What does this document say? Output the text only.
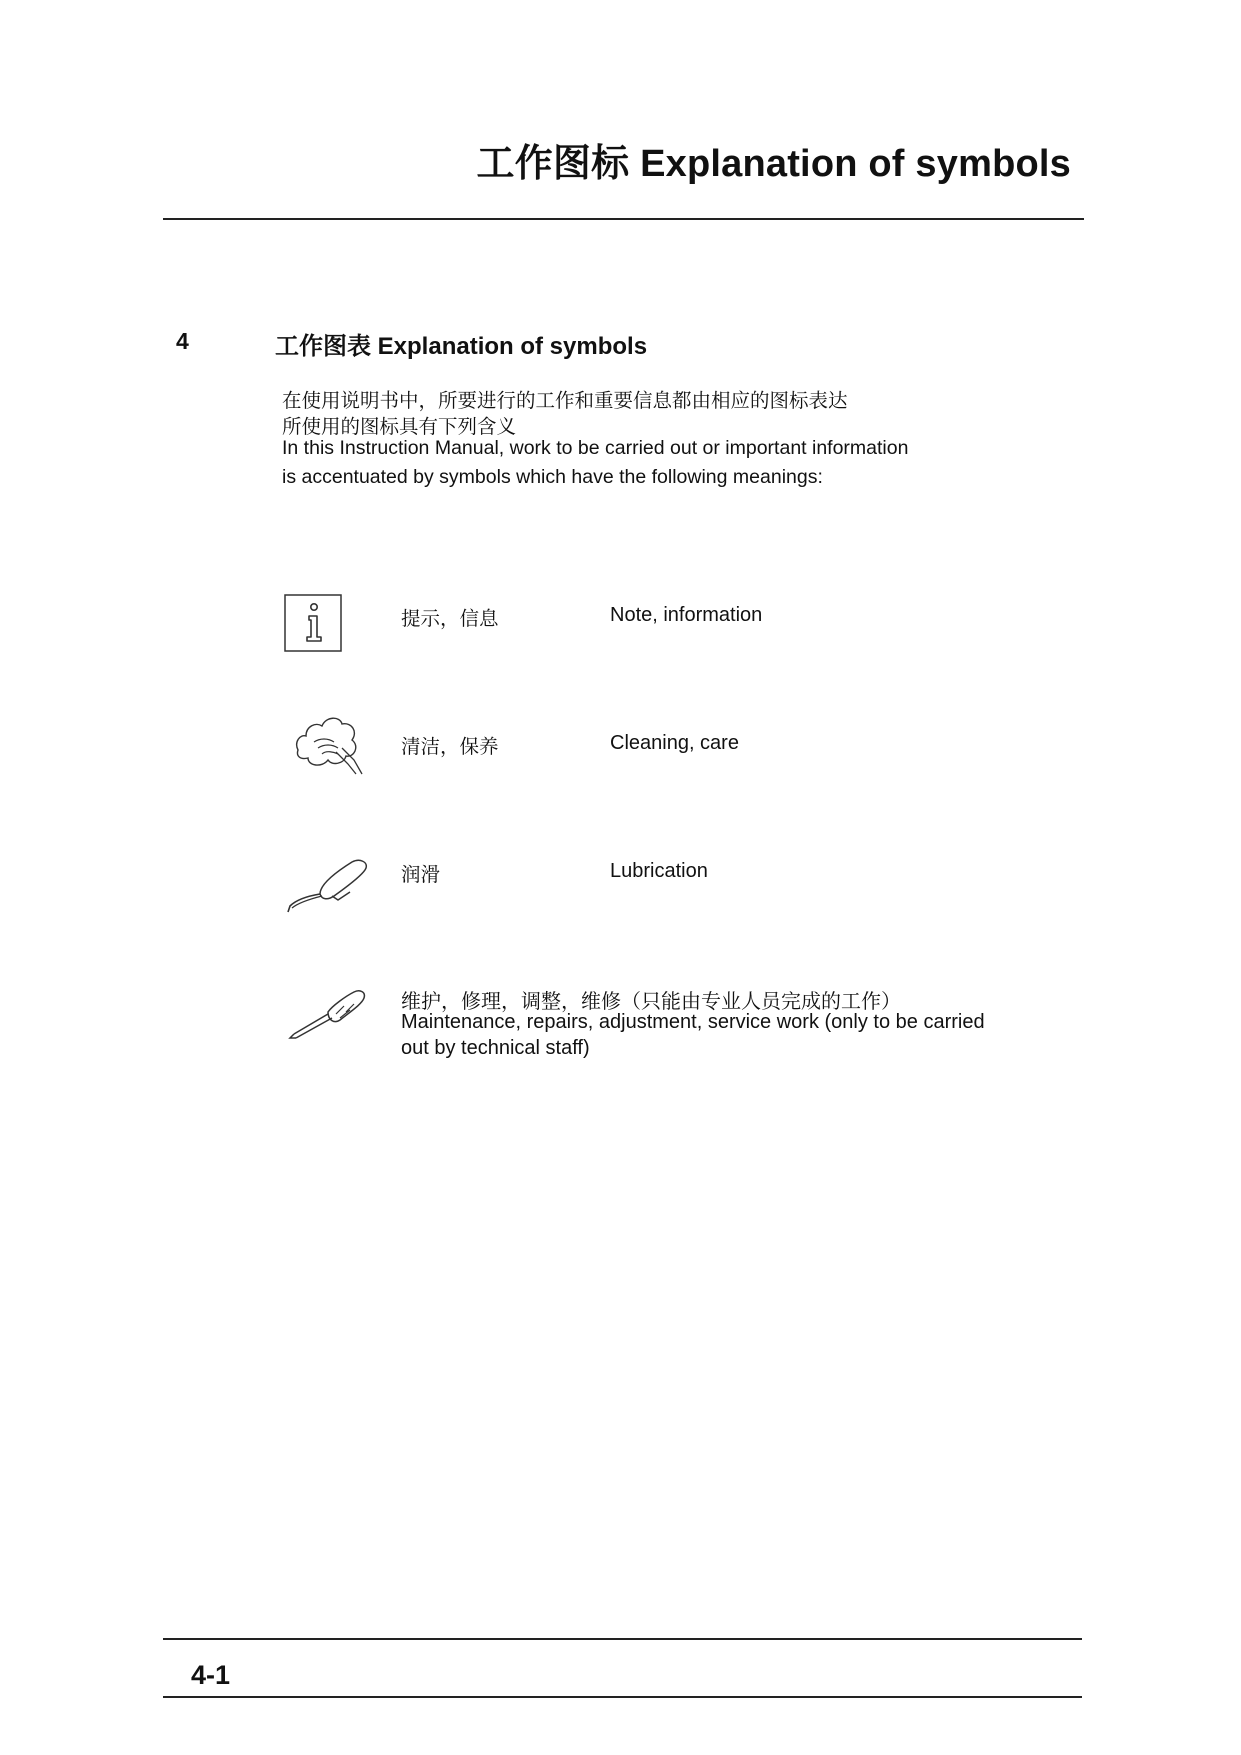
工作图标 Explanation of symbols
4	工作图表 Explanation of symbols
在使用说明书中，所要进行的工作和重要信息都由相应的图标表达
所使用的图标具有下列含义
In this Instruction Manual, work to be carried out or important information
is accentuated by symbols which have the following meanings:
提示，信息	Note, information
清洁，保养	Cleaning, care
润滑	Lubrication
维护，修理，调整，维修（只能由专业人员完成的工作）
Maintenance, repairs, adjustment, service work (only to be carried
out by technical staff)
4-1
